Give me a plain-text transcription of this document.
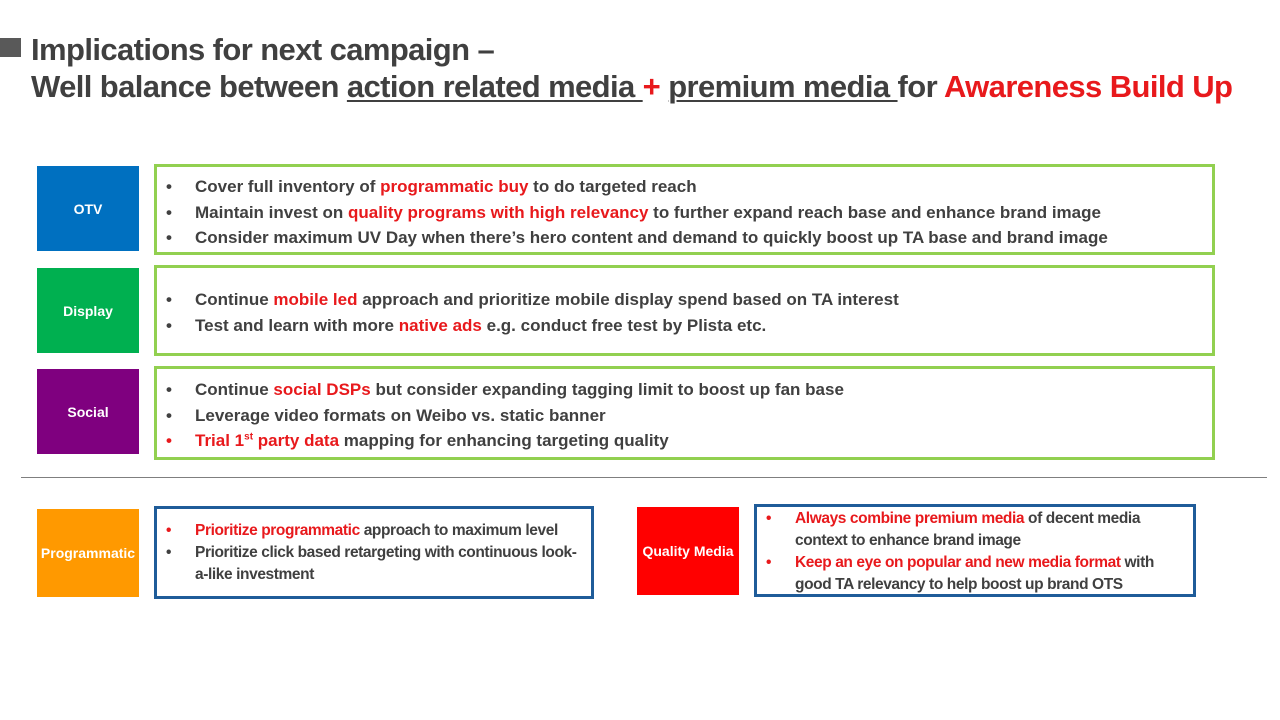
Implications for next campaign –
Well balance between action related media + premium media for Awareness Build Up
OTV
• Cover full inventory of programmatic buy to do targeted reach
• Maintain invest on quality programs with high relevancy to further expand reach base and enhance brand image
• Consider maximum UV Day when there’s hero content and demand to quickly boost up TA base and brand image
Display
• Continue mobile led approach and prioritize mobile display spend based on TA interest
• Test and learn with more native ads e.g. conduct free test by Plista etc.
Social
• Continue social DSPs but consider expanding tagging limit to boost up fan base
• Leverage video formats on Weibo vs. static banner
• Trial 1st party data mapping for enhancing targeting quality
Programmatic
• Prioritize programmatic approach to maximum level
• Prioritize click based retargeting with continuous look-a-like investment
Quality Media
• Always combine premium media of decent media context to enhance brand image
• Keep an eye on popular and new media format with good TA relevancy to help boost up brand OTS
